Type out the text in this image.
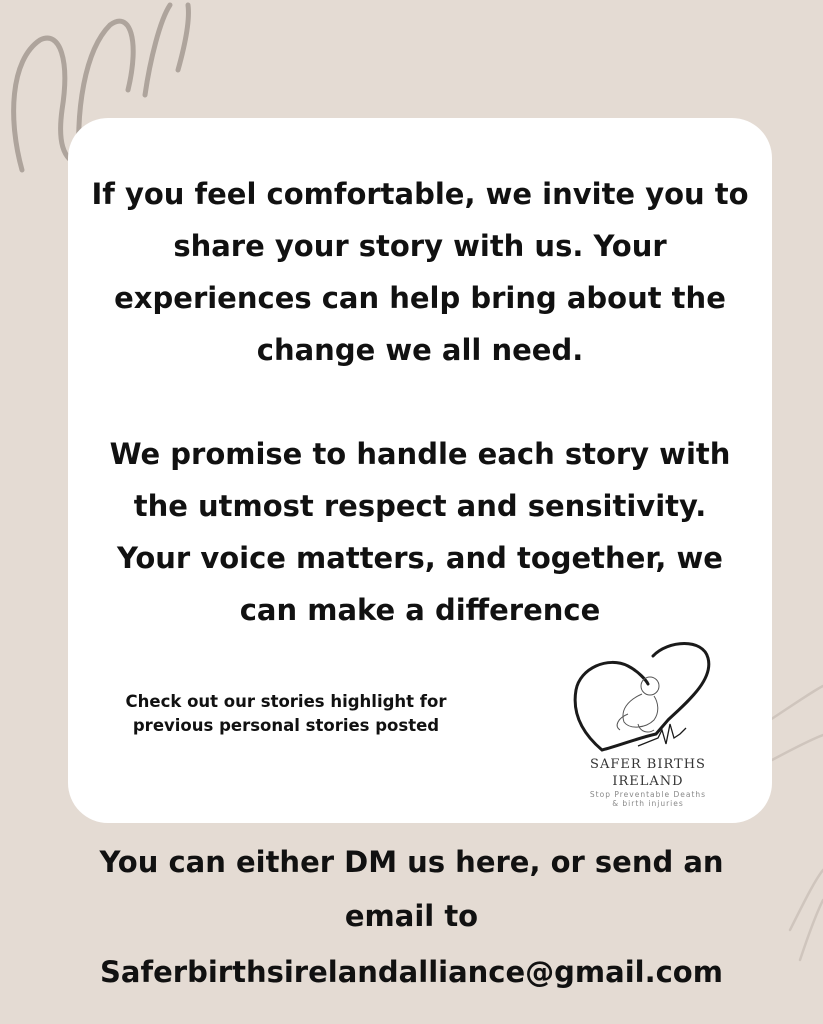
If you feel comfortable, we invite you to
share your story with us. Your
experiences can help bring about the
change we all need.

We promise to handle each story with
the utmost respect and sensitivity.
Your voice matters, and together, we
can make a difference

Check out our stories highlight for
previous personal stories posted
SAFER BIRTHS
IRELAND
Stop Preventable Deaths
& birth injuries

You can either DM us here, or send an
email to

Saferbirthsirelandalliance@gmail.com
